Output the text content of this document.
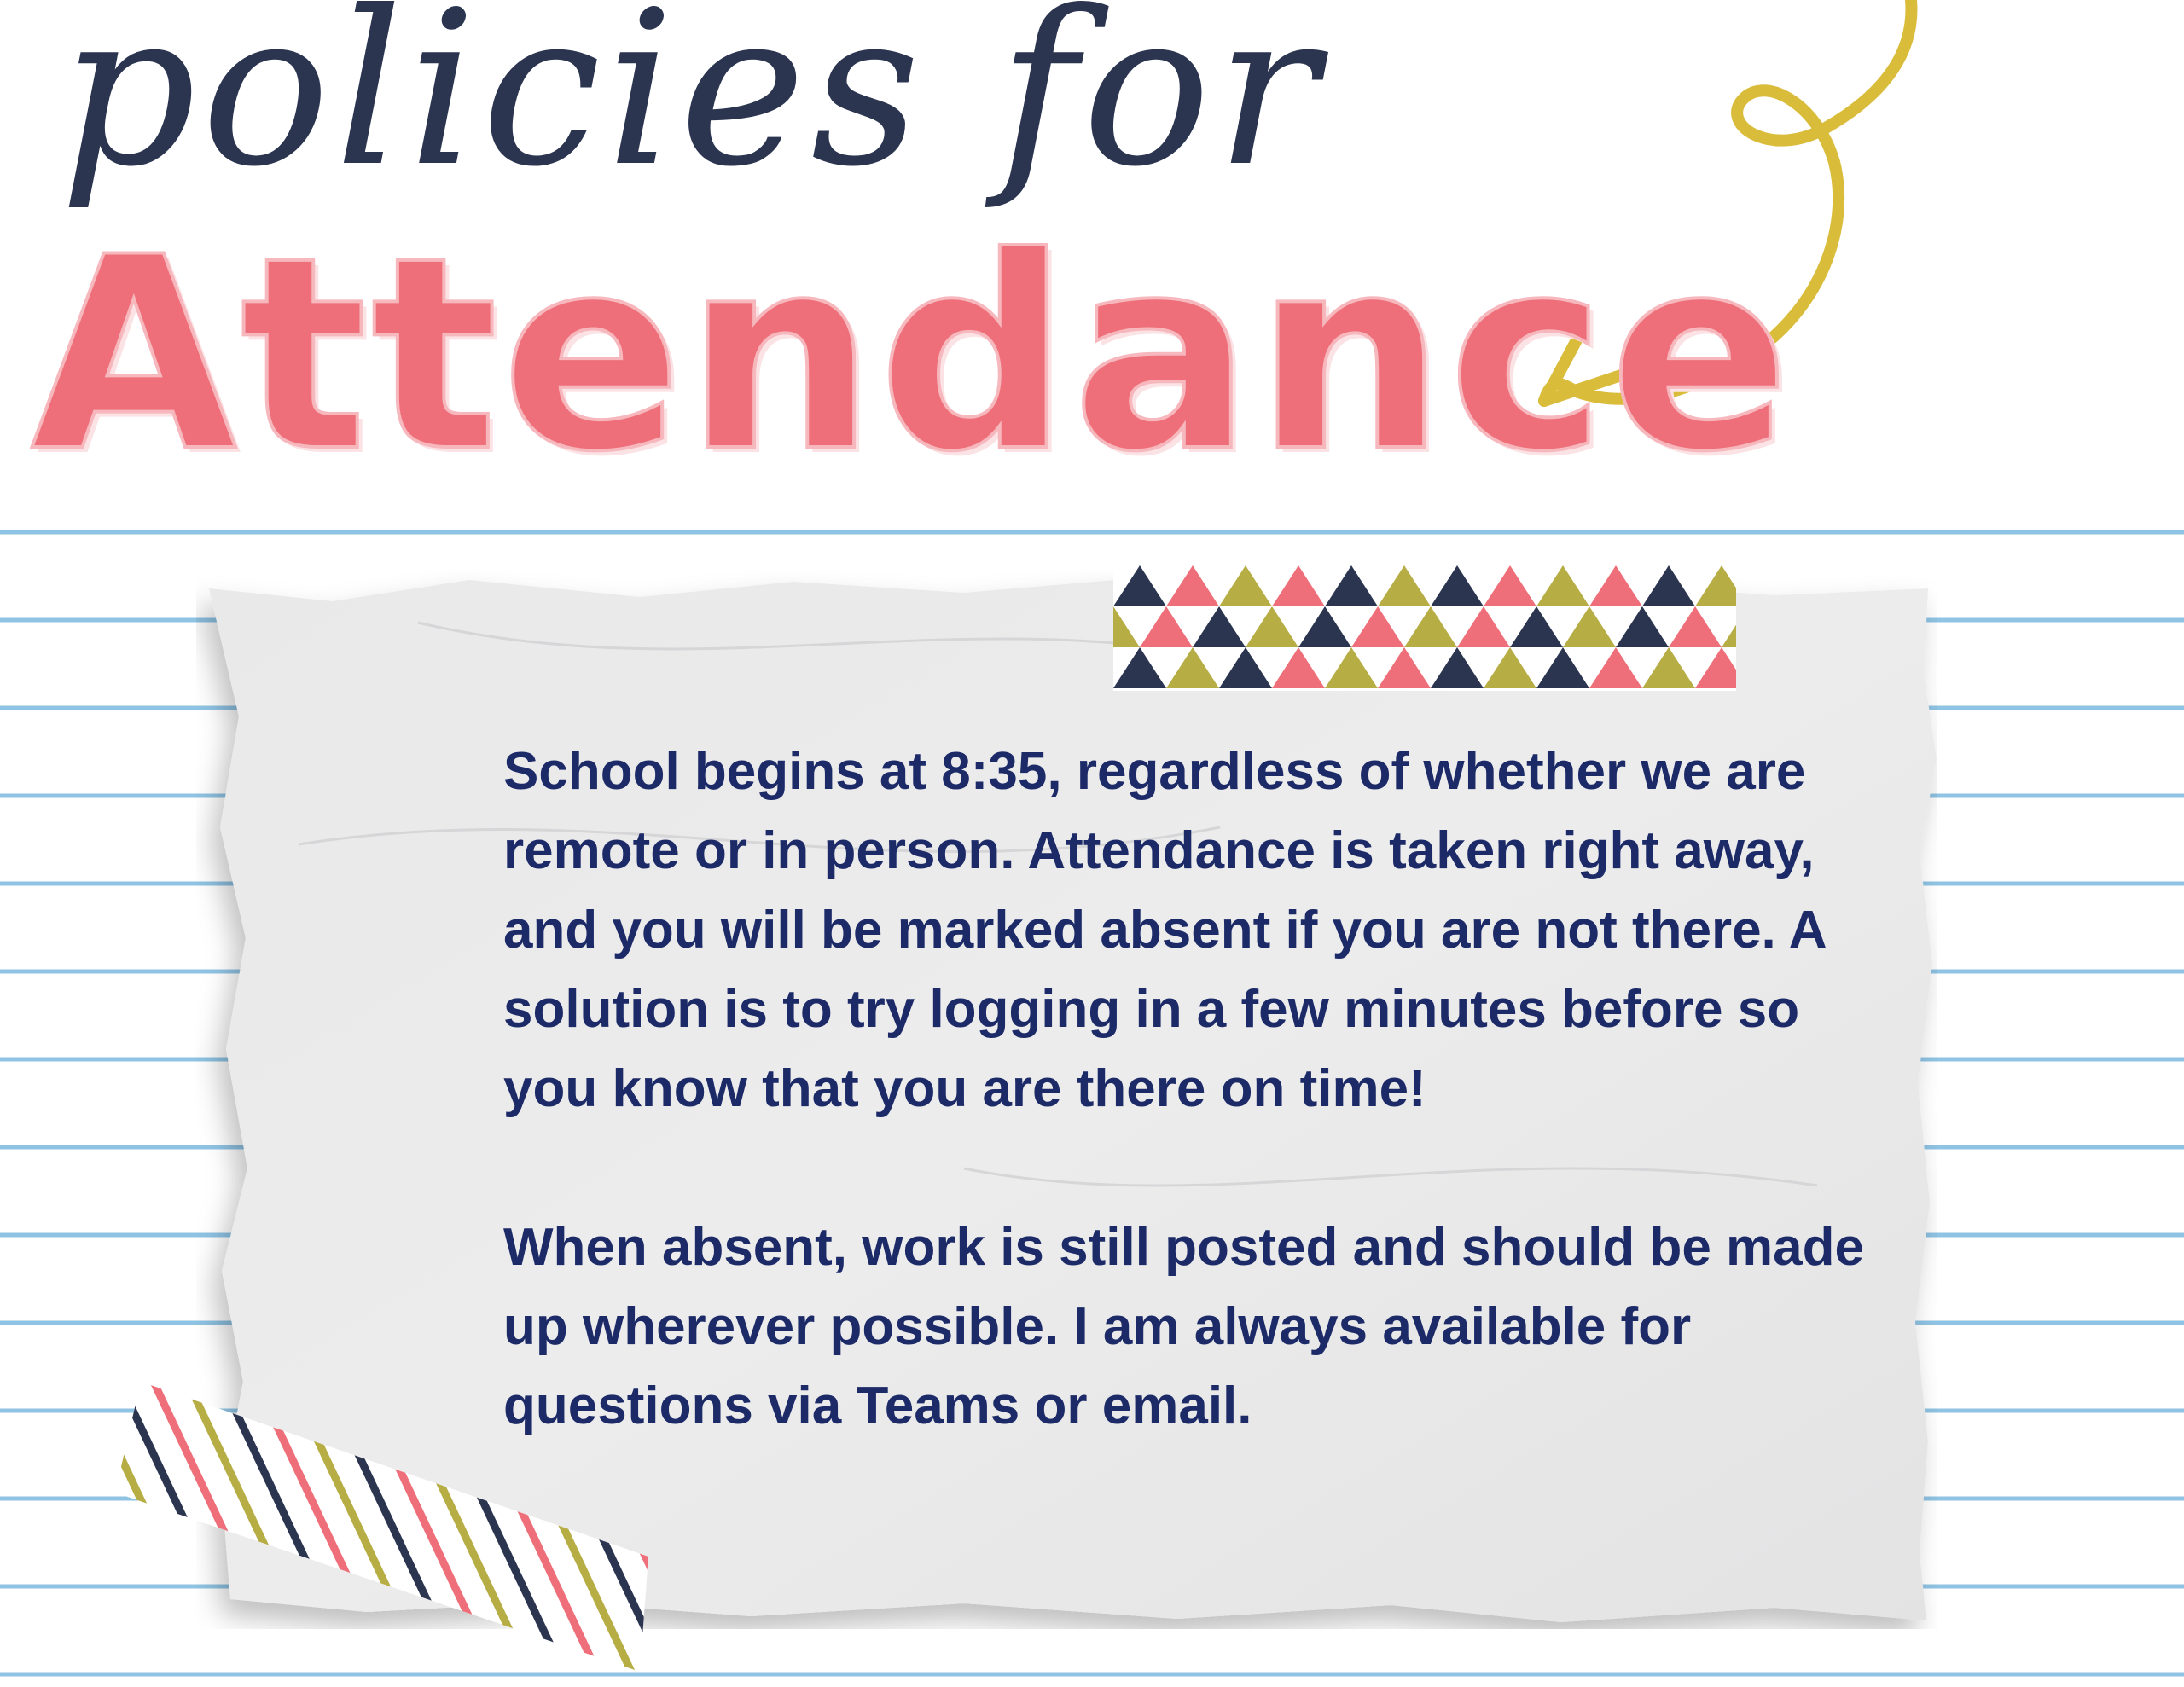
policies for
Attendance

School begins at 8:35, regardless of whether we are remote or in person. Attendance is taken right away, and you will be marked absent if you are not there. A solution is to try logging in a few minutes before so you know that you are there on time!

When absent, work is still posted and should be made up wherever possible. I am always available for questions via Teams or email.
